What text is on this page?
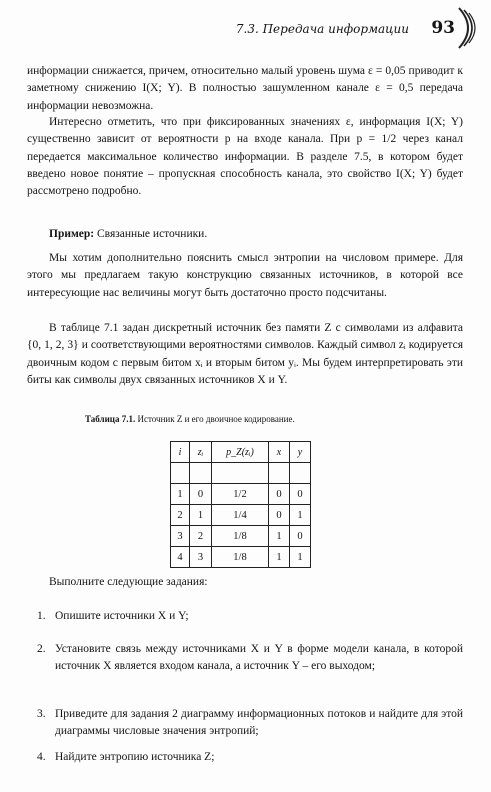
7.3. Передача информации 93
информации снижается, причем, относительно малый уровень шума ε = 0,05 приводит к заметному снижению I(X; Y). В полностью зашумленном канале ε = 0,5 передача информации невозможна.
Интересно отметить, что при фиксированных значениях ε, информация I(X; Y) существенно зависит от вероятности p на входе канала. При p = 1/2 через канал передается максимальное количество информации. В разделе 7.5, в котором будет введено новое понятие – пропускная способность канала, это свойство I(X; Y) будет рассмотрено подробно.
Пример: Связанные источники.
Мы хотим дополнительно пояснить смысл энтропии на числовом примере. Для этого мы предлагаем такую конструкцию связанных источников, в которой все интересующие нас величины могут быть достаточно просто подсчитаны.
В таблице 7.1 задан дискретный источник без памяти Z с символами из алфавита {0, 1, 2, 3} и соответствующими вероятностями символов. Каждый символ zᵢ кодируется двоичным кодом с первым битом xᵢ и вторым битом yᵢ. Мы будем интерпретировать эти биты как символы двух связанных источников X и Y.
Таблица 7.1. Источник Z и его двоичное кодирование.
i	zᵢ	p_Z(zᵢ)	x	y

1	0	1/2	0	0
2	1	1/4	0	1
3	2	1/8	1	0
4	3	1/8	1	1
Выполните следующие задания:
1. Опишите источники X и Y;
2. Установите связь между источниками X и Y в форме модели канала, в которой источник X является входом канала, а источник Y – его выходом;
3. Приведите для задания 2 диаграмму информационных потоков и найдите для этой диаграммы числовые значения энтропий;
4. Найдите энтропию источника Z;
